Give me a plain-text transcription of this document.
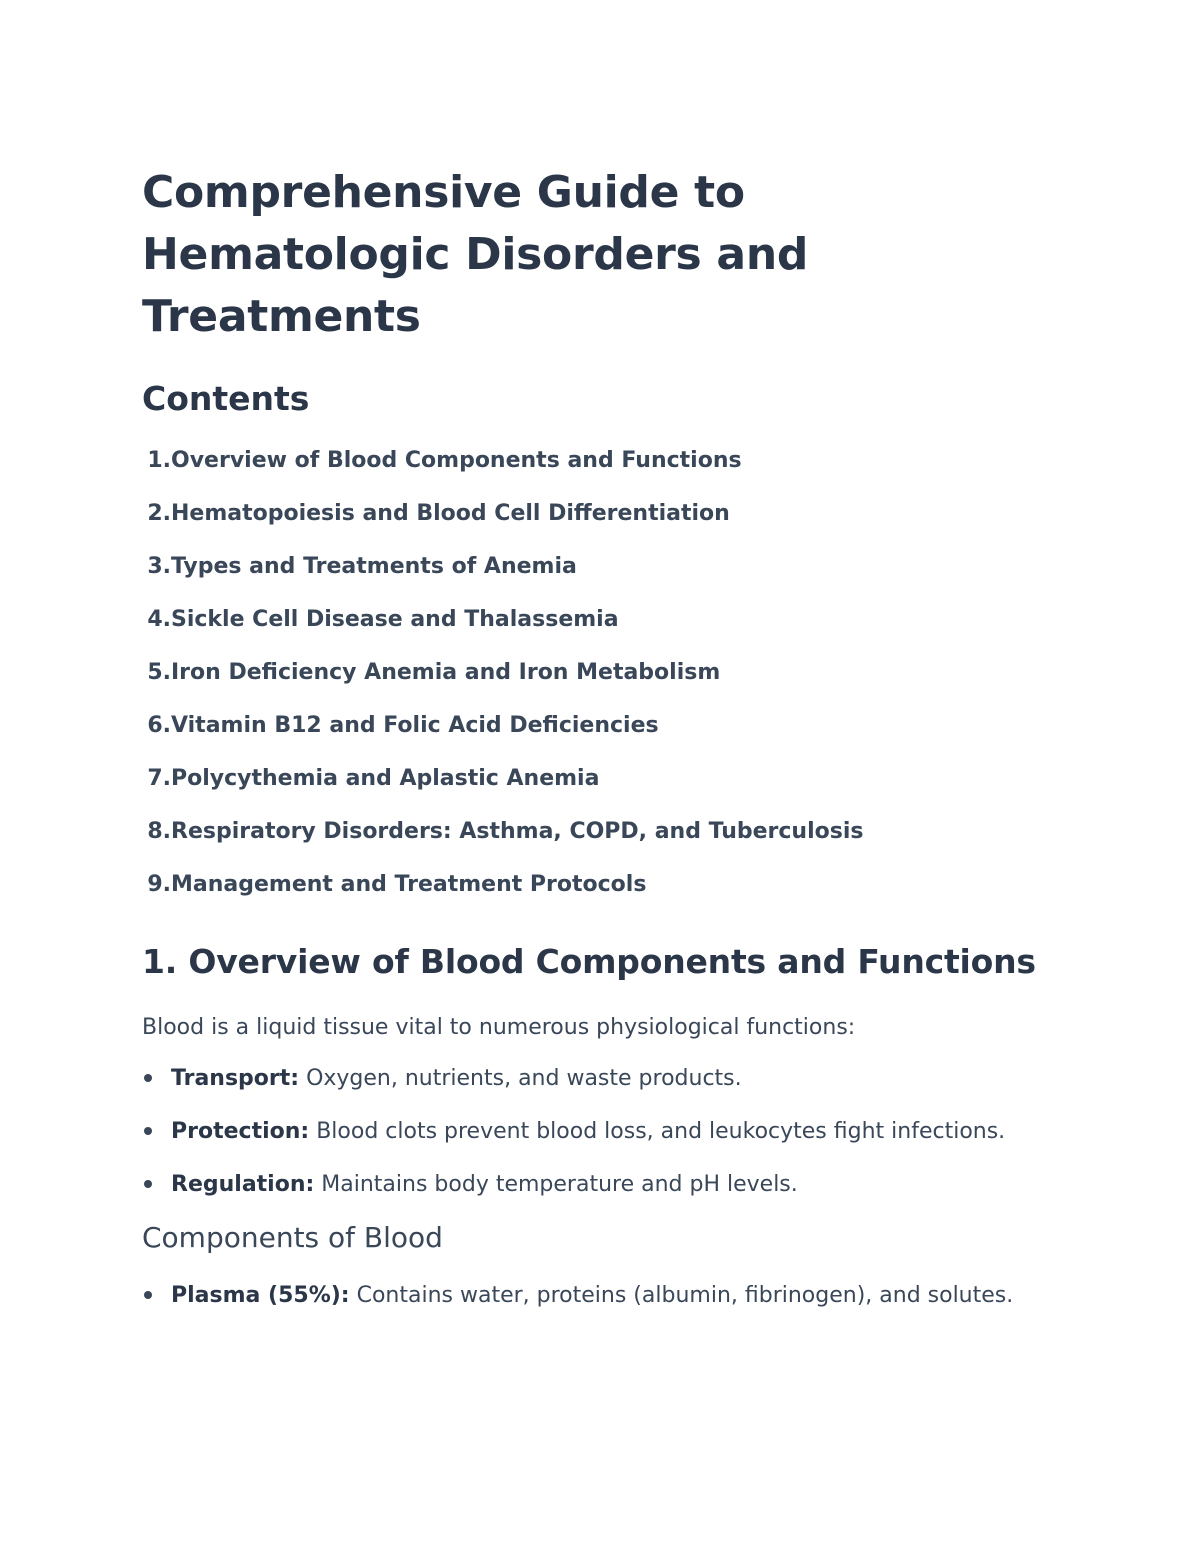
Comprehensive Guide to Hematologic Disorders and Treatments
Contents
1. Overview of Blood Components and Functions
2. Hematopoiesis and Blood Cell Differentiation
3. Types and Treatments of Anemia
4. Sickle Cell Disease and Thalassemia
5. Iron Deficiency Anemia and Iron Metabolism
6. Vitamin B12 and Folic Acid Deficiencies
7. Polycythemia and Aplastic Anemia
8. Respiratory Disorders: Asthma, COPD, and Tuberculosis
9. Management and Treatment Protocols
1. Overview of Blood Components and Functions

Blood is a liquid tissue vital to numerous physiological functions:

Transport: Oxygen, nutrients, and waste products.
Protection: Blood clots prevent blood loss, and leukocytes fight infections.
Regulation: Maintains body temperature and pH levels.
Components of Blood
Plasma (55%): Contains water, proteins (albumin, fibrinogen), and solutes.
